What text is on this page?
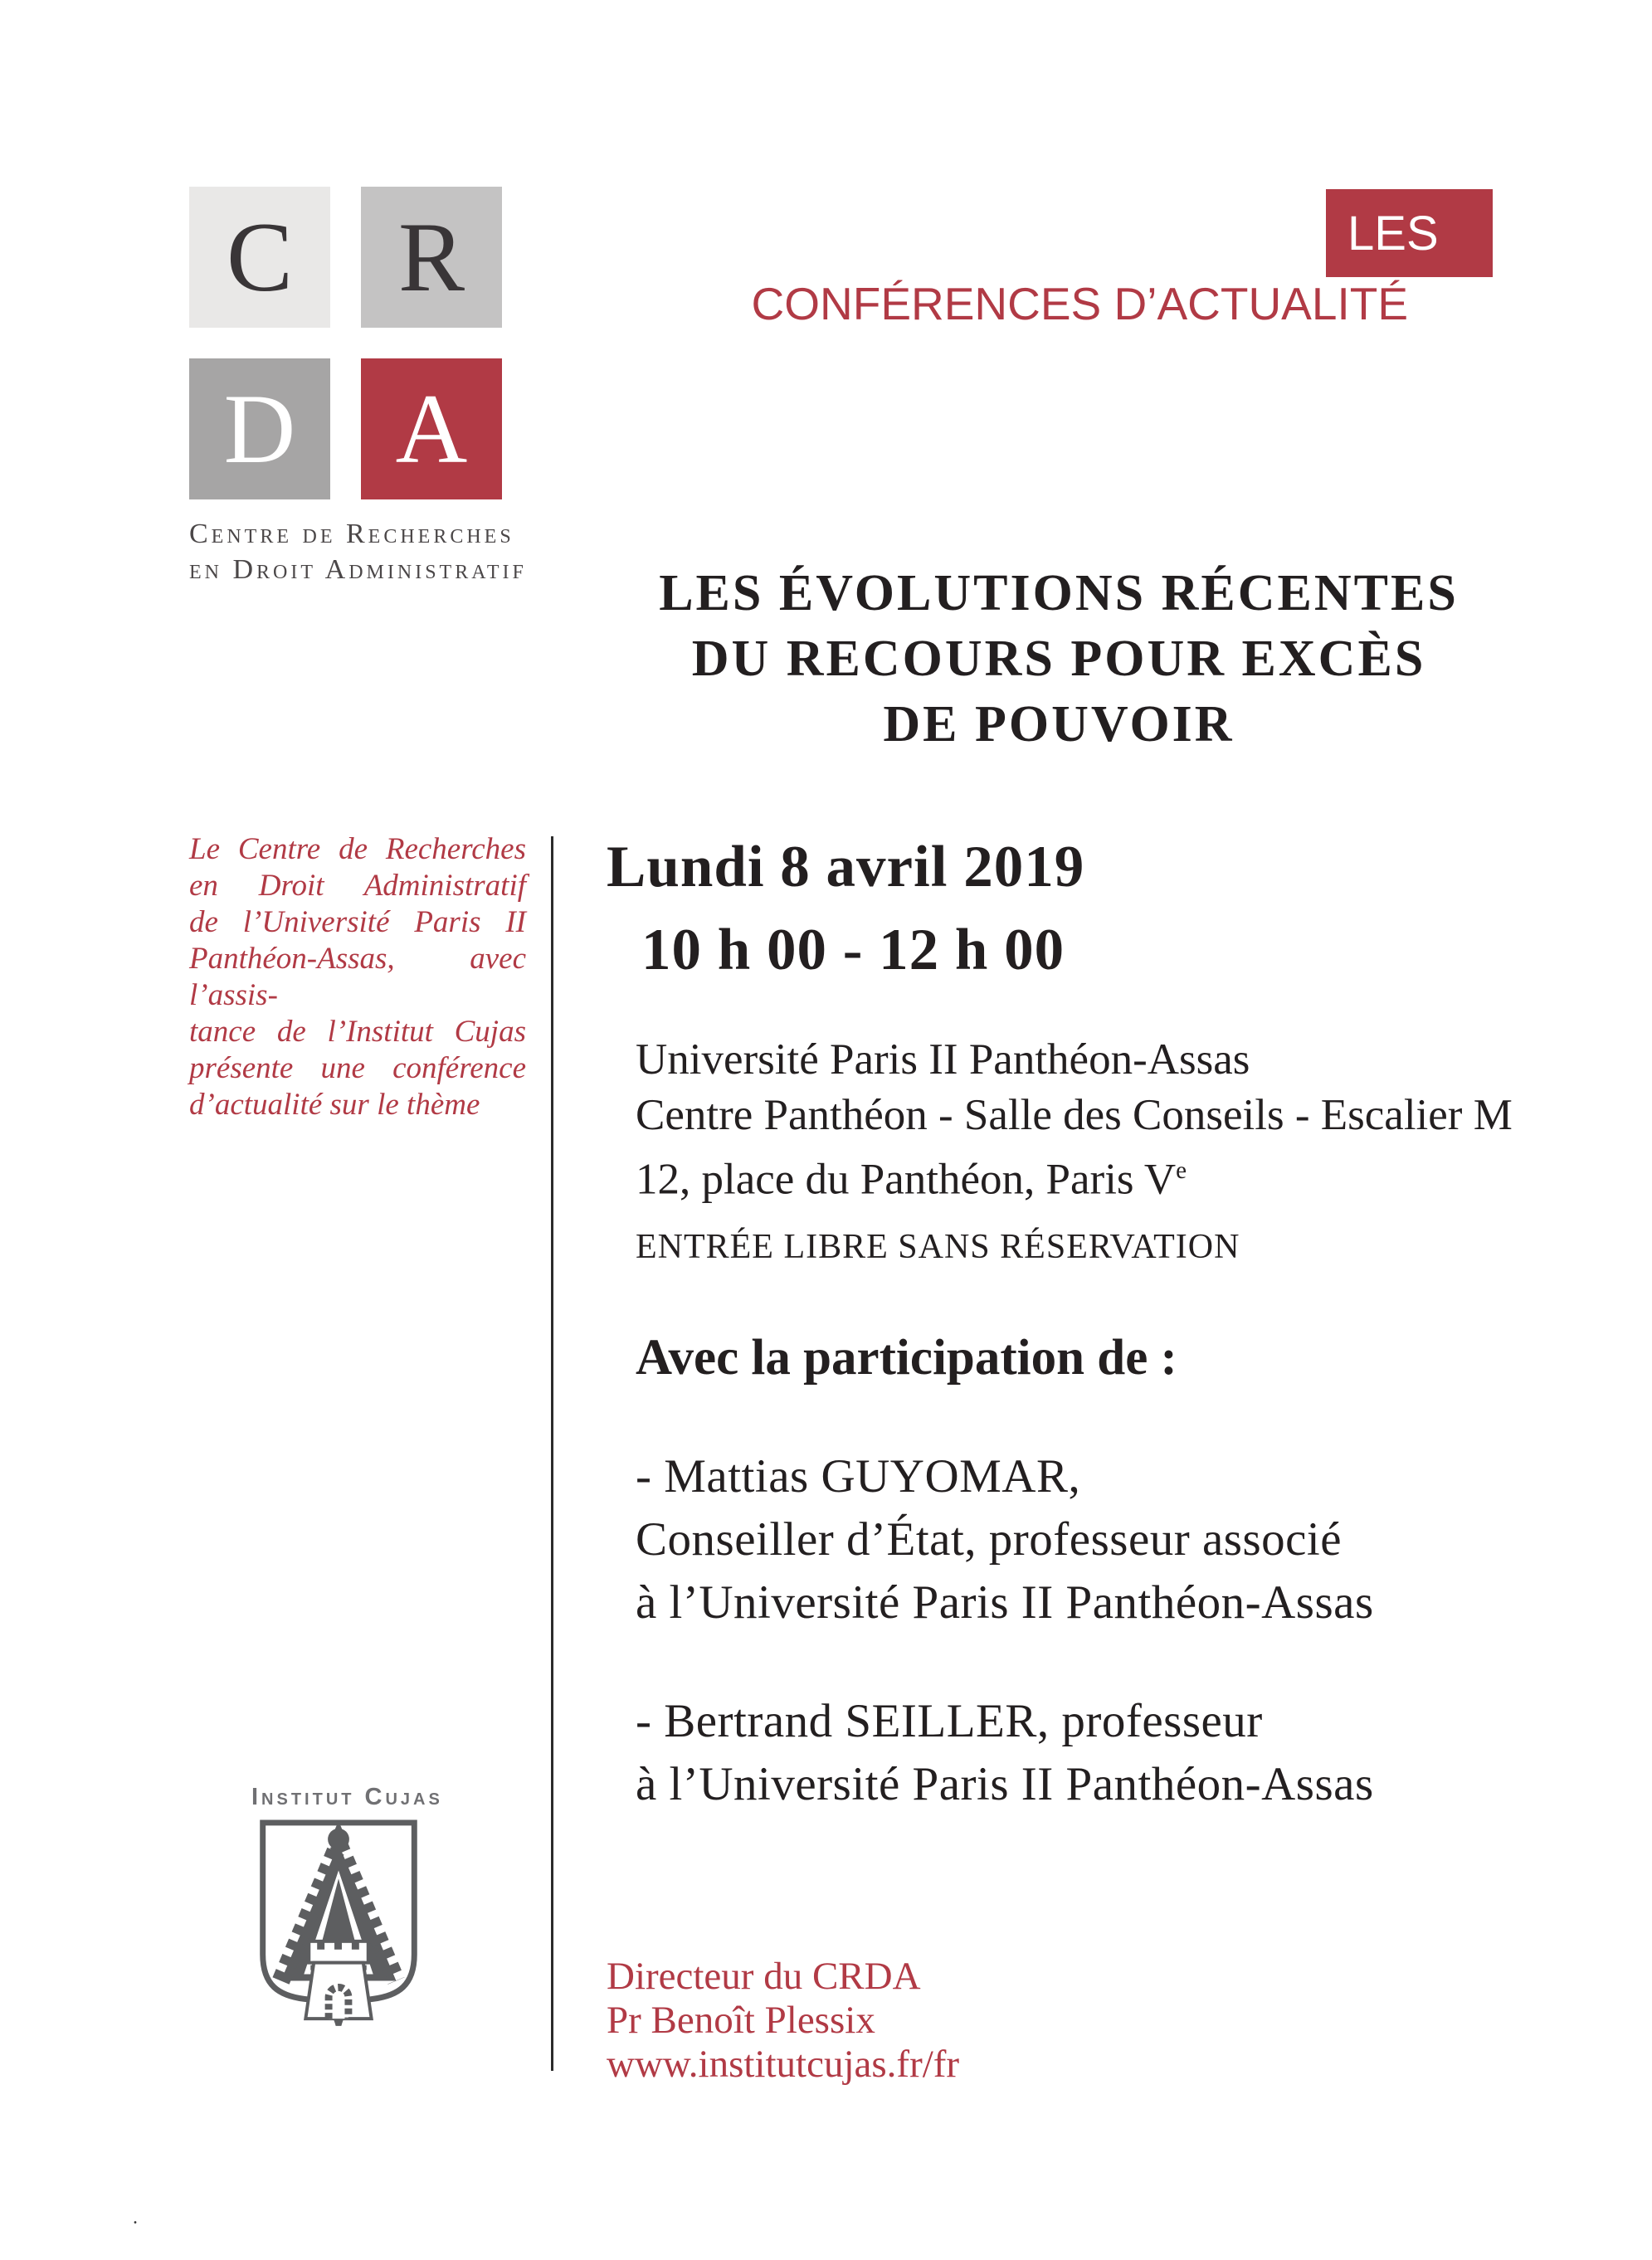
C	R
D	A
Centre de Recherches
en Droit Administratif
LES
CONFÉRENCES D’ACTUALITÉ
LES ÉVOLUTIONS RÉCENTES
DU RECOURS POUR EXCÈS
DE POUVOIR
Le Centre de Recherches
en Droit Administratif
de l’Université Paris II
Panthéon-Assas, avec l’assis-
tance de l’Institut Cujas
présente une conférence
d’actualité sur le thème
Lundi 8 avril 2019
10 h 00 - 12 h 00
Université Paris II Panthéon-Assas
Centre Panthéon - Salle des Conseils - Escalier M
12, place du Panthéon, Paris Ve
ENTRÉE LIBRE SANS RÉSERVATION
Avec la participation de :
- Mattias GUYOMAR,
Conseiller d’État, professeur associé
à l’Université Paris II Panthéon-Assas
- Bertrand SEILLER, professeur
à l’Université Paris II Panthéon-Assas
Institut Cujas
Directeur du CRDA
Pr Benoît Plessix
www.institutcujas.fr/fr
.
